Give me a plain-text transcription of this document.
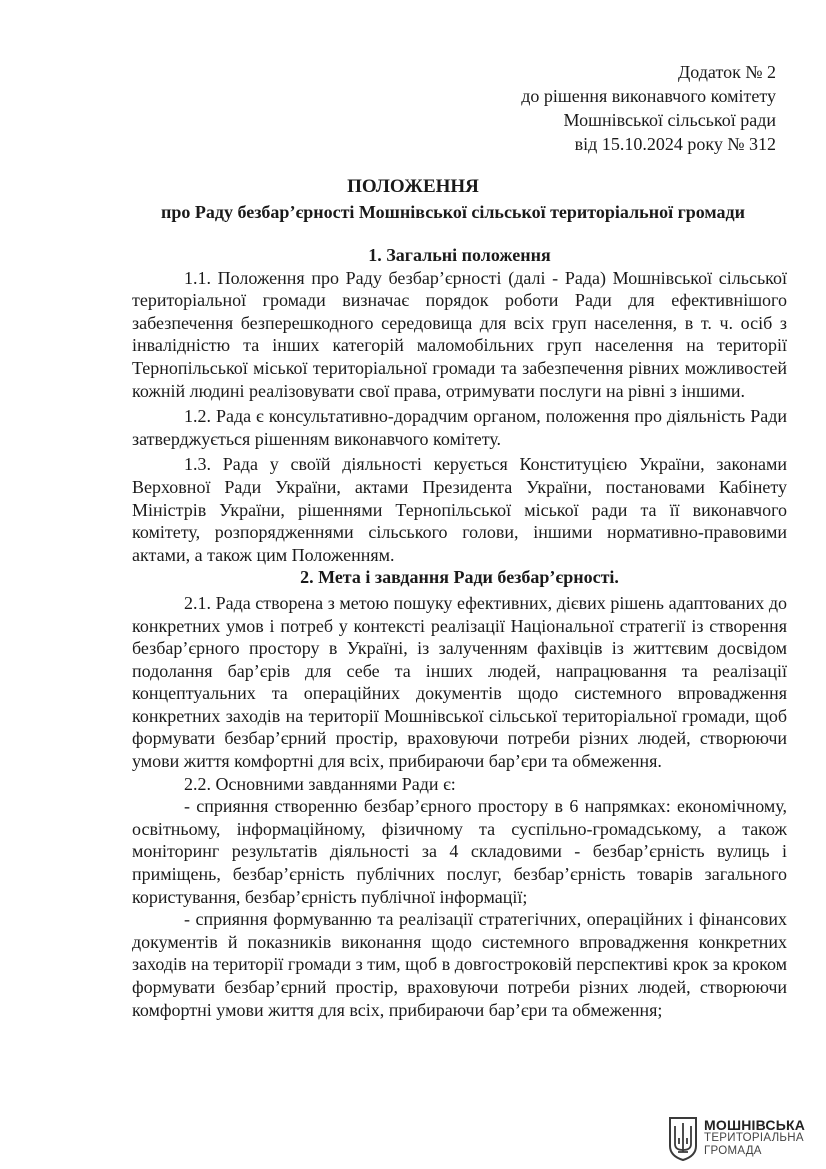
Додаток № 2
до рішення виконавчого комітету
Мошнівської сільської ради
від 15.10.2024 року № 312
ПОЛОЖЕННЯ
про Раду безбар’єрності Мошнівської сільської територіальної громади

1. Загальні положення

1.1. Положення про Раду безбар’єрності (далі - Рада) Мошнівської сільської територіальної громади визначає порядок роботи Ради для ефективнішого забезпечення безперешкодного середовища для всіх груп населення, в т. ч. осіб з інвалідністю та інших категорій маломобільних груп населення на території Тернопільської міської територіальної громади та забезпечення рівних можливостей кожній людині реалізовувати свої права, отримувати послуги на рівні з іншими.

1.2. Рада є консультативно-дорадчим органом, положення про діяльність Ради затверджується рішенням виконавчого комітету.

1.3. Рада у своїй діяльності керується Конституцією України, законами Верховної Ради України, актами Президента України, постановами Кабінету Міністрів України, рішеннями Тернопільської міської ради та її виконавчого комітету, розпорядженнями сільського голови, іншими нормативно-правовими актами, а також цим Положенням.

2. Мета і завдання Ради безбар’єрності.

2.1. Рада створена з метою пошуку ефективних, дієвих рішень адаптованих до конкретних умов і потреб у контексті реалізації Національної стратегії із створення безбар’єрного простору в Україні, із залученням фахівців із життєвим досвідом подолання бар’єрів для себе та інших людей, напрацювання та реалізації концептуальних та операційних документів щодо системного впровадження конкретних заходів на території Мошнівської сільської територіальної громади, щоб формувати безбар’єрний простір, враховуючи потреби різних людей, створюючи умови життя комфортні для всіх, прибираючи бар’єри та обмеження.

2.2. Основними завданнями Ради є:

- сприяння створенню безбар’єрного простору в 6 напрямках: економічному, освітньому, інформаційному, фізичному та суспільно-громадському, а також моніторинг результатів діяльності за 4 складовими - безбар’єрність вулиць і приміщень, безбар’єрність публічних послуг, безбар’єрність товарів загального користування, безбар’єрність публічної інформації;

- сприяння формуванню та реалізації стратегічних, операційних і фінансових документів й показників виконання щодо системного впровадження конкретних заходів на території громади з тим, щоб в довгостроковій перспективі крок за кроком формувати безбар’єрний простір, враховуючи потреби різних людей, створюючи комфортні умови життя для всіх, прибираючи бар’єри та обмеження;

МОШНІВСЬКА
ТЕРИТОРІАЛЬНА
ГРОМАДА
